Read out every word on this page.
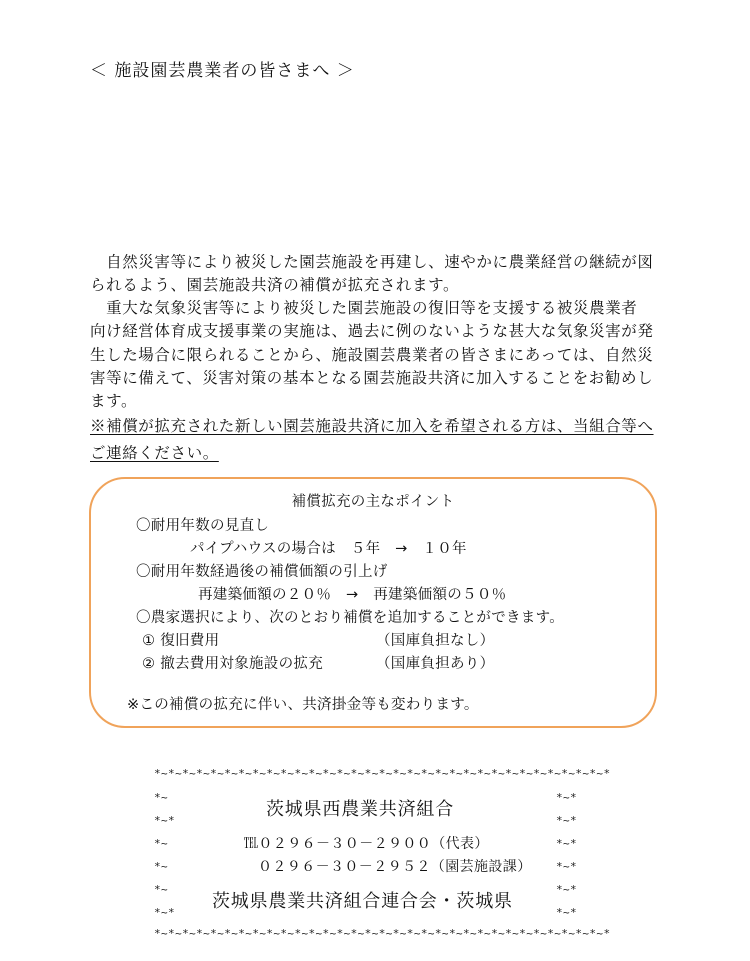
＜ 施設園芸農業者の皆さまへ ＞
　自然災害等により被災した園芸施設を再建し、速やかに農業経営の継続が図
られるよう、園芸施設共済の補償が拡充されます。
　重大な気象災害等により被災した園芸施設の復旧等を支援する被災農業者
向け経営体育成支援事業の実施は、過去に例のないような甚大な気象災害が発
生した場合に限られることから、施設園芸農業者の皆さまにあっては、自然災
害等に備えて、災害対策の基本となる園芸施設共済に加入することをお勧めし
ます。
※補償が拡充された新しい園芸施設共済に加入を希望される方は、当組合等へ
ご連絡ください。
補償拡充の主なポイント
〇耐用年数の見直し
パイプハウスの場合は　５年　→　１０年
〇耐用年数経過後の補償価額の引上げ
再建築価額の２０％　→　再建築価額の５０％
〇農家選択により、次のとおり補償を追加することができます。
① 復旧費用	（国庫負担なし）
② 撤去費用対象施設の拡充	（国庫負担あり）
※この補償の拡充に伴い、共済掛金等も変わります。
*~*~*~*~*~*~*~*~*~*~*~*~*~*~*~*~*~*~*~*~*~*~*~*~*~*~*~*~*~*~*~*~*
*~*~*~*~*~*~*~*~*~*~*~*~*~*~*~*~*~*~*~*~*~*~*~*~*~*~*~*~*~*~*~*~*
*~
*~*
*~
*~
*~
*~*
*~*
*~*
*~*
*~*
*~*
*~*
茨城県西農業共済組合
℡０２９６－３０－２９００（代表）
０２９６－３０－２９５２（園芸施設課）
茨城県農業共済組合連合会・茨城県
